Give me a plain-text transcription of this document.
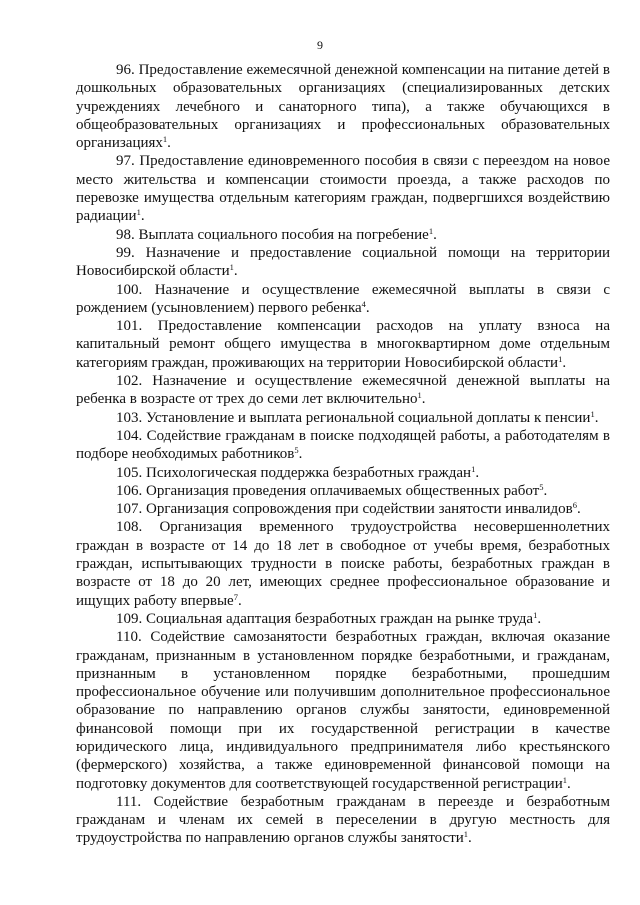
9

96. Предоставление ежемесячной денежной компенсации на питание детей в дошкольных образовательных организациях (специализированных детских учреждениях лечебного и санаторного типа), а также обучающихся в общеобразовательных организациях и профессиональных образовательных организациях$^1$.

97. Предоставление единовременного пособия в связи с переездом на новое место жительства и компенсации стоимости проезда, а также расходов по перевозке имущества отдельным категориям граждан, подвергшихся воздействию радиации$^1$.

98. Выплата социального пособия на погребение$^1$.

99. Назначение и предоставление социальной помощи на территории Новосибирской области$^1$.

100. Назначение и осуществление ежемесячной выплаты в связи с рождением (усыновлением) первого ребенка$^4$.

101. Предоставление компенсации расходов на уплату взноса на капитальный ремонт общего имущества в многоквартирном доме отдельным категориям граждан, проживающих на территории Новосибирской области$^1$.

102. Назначение и осуществление ежемесячной денежной выплаты на ребенка в возрасте от трех до семи лет включительно$^1$.

103. Установление и выплата региональной социальной доплаты к пенсии$^1$.

104. Содействие гражданам в поиске подходящей работы, а работодателям в подборе необходимых работников$^5$.

105. Психологическая поддержка безработных граждан$^1$.

106. Организация проведения оплачиваемых общественных работ$^5$.

107. Организация сопровождения при содействии занятости инвалидов$^6$.

108. Организация временного трудоустройства несовершеннолетних граждан в возрасте от 14 до 18 лет в свободное от учебы время, безработных граждан, испытывающих трудности в поиске работы, безработных граждан в возрасте от 18 до 20 лет, имеющих среднее профессиональное образование и ищущих работу впервые$^7$.

109. Социальная адаптация безработных граждан на рынке труда$^1$.

110. Содействие самозанятости безработных граждан, включая оказание гражданам, признанным в установленном порядке безработными, и гражданам, признанным в установленном порядке безработными, прошедшим профессиональное обучение или получившим дополнительное профессиональное образование по направлению органов службы занятости, единовременной финансовой помощи при их государственной регистрации в качестве юридического лица, индивидуального предпринимателя либо крестьянского (фермерского) хозяйства, а также единовременной финансовой помощи на подготовку документов для соответствующей государственной регистрации$^1$.

111. Содействие безработным гражданам в переезде и безработным гражданам и членам их семей в переселении в другую местность для трудоустройства по направлению органов службы занятости$^1$.
